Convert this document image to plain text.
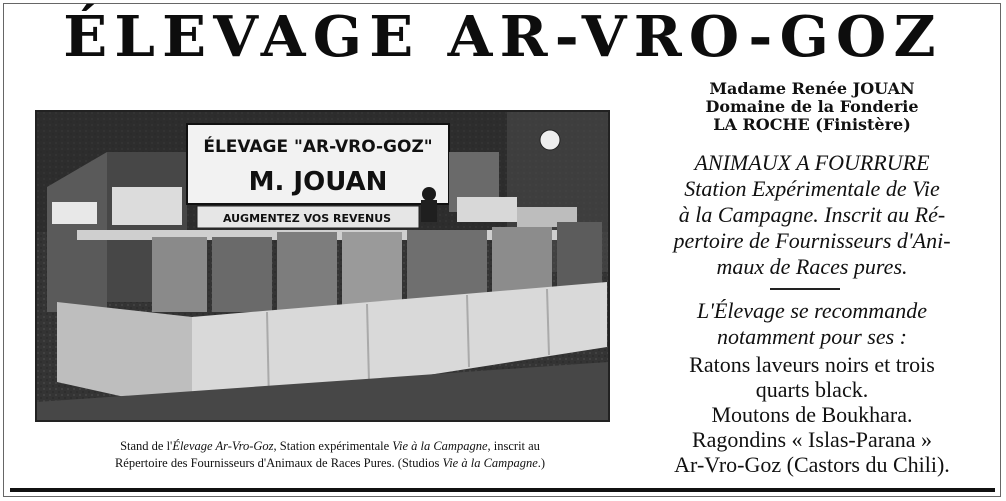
ÉLEVAGE AR-VRO-GOZ
ÉLEVAGE "AR-VRO-GOZ"
M. JOUAN
AUGMENTEZ VOS REVENUS
Stand de l'Élevage Ar-Vro-Goz, Station expérimentale Vie à la Campagne, inscrit au
Répertoire des Fournisseurs d'Animaux de Races Pures. (Studios Vie à la Campagne.)
Madame Renée JOUAN
Domaine de la Fonderie
LA ROCHE (Finistère)
ANIMAUX A FOURRURE
Station Expérimentale de Vie
à la Campagne. Inscrit au Ré-
pertoire de Fournisseurs d'Ani-
maux de Races pures.
L'Élevage se recommande
notamment pour ses :
Ratons laveurs noirs et trois
quarts black.
Moutons de Boukhara.
Ragondins « Islas-Parana »
Ar-Vro-Goz (Castors du Chili).
